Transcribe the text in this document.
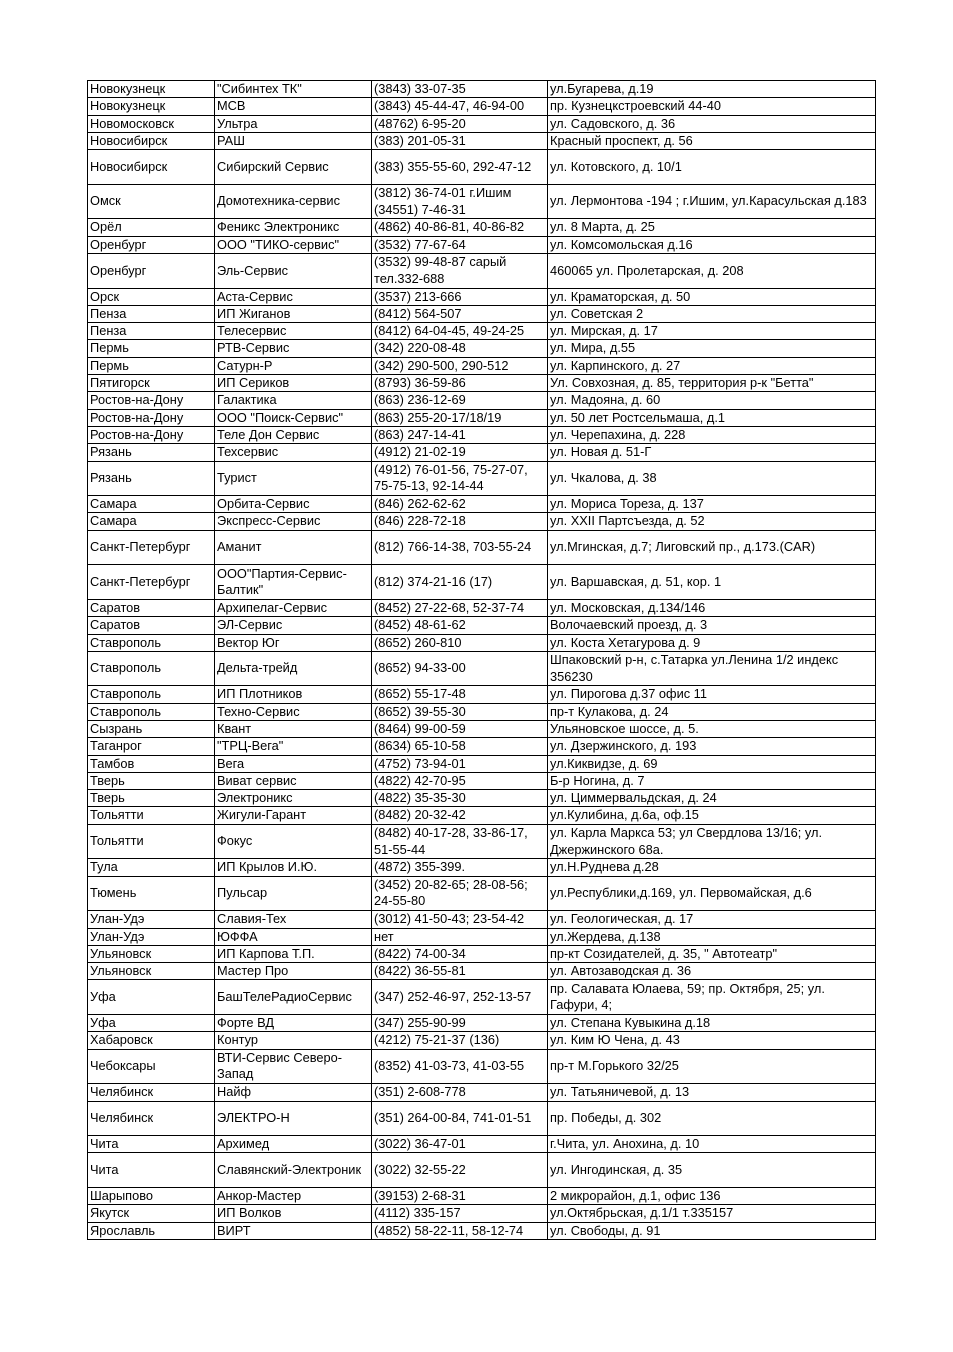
Новокузнецк	"Сибинтех ТК"	(3843) 33-07-35	ул.Бугарева, д.19
Новокузнецк	МСВ	(3843) 45-44-47, 46-94-00	пр. Кузнецкстроевский 44-40
Новомосковск	Ультра	(48762) 6-95-20	ул. Садовского, д. 36
Новосибирск	РАШ	(383) 201-05-31	Красный проспект, д. 56
Новосибирск	Сибирский Сервис	(383) 355-55-60, 292-47-12	ул. Котовского, д. 10/1
Омск	Домотехника-сервис	(3812) 36-74-01 г.Ишим (34551) 7-46-31	ул. Лермонтова -194 ; г.Ишим, ул.Карасульская д.183
Орёл	Феникс Электроникс	(4862) 40-86-81, 40-86-82	ул. 8 Марта, д. 25
Оренбург	ООО "ТИКО-сервис"	(3532) 77-67-64	ул. Комсомольская д.16
Оренбург	Эль-Сервис	(3532) 99-48-87 сарый тел.332-688	460065 ул. Пролетарская, д. 208
Орск	Аста-Сервис	(3537) 213-666	ул. Краматорская, д. 50
Пенза	ИП Жиганов	(8412) 564-507	ул. Советская 2
Пенза	Телесервис	(8412) 64-04-45, 49-24-25	ул. Мирская, д. 17
Пермь	РТВ-Сервис	(342) 220-08-48	ул. Мира, д.55
Пермь	Сатурн-Р	(342) 290-500, 290-512	ул. Карпинского, д. 27
Пятигорск	ИП Сериков	(8793) 36-59-86	Ул. Совхозная, д. 85, территория р-к "Бетта"
Ростов-на-Дону	Галактика	(863) 236-12-69	ул. Мадояна, д. 60
Ростов-на-Дону	ООО "Поиск-Сервис"	(863) 255-20-17/18/19	ул. 50 лет Ростсельмаша, д.1
Ростов-на-Дону	Теле Дон Сервис	(863) 247-14-41	ул. Черепахина, д. 228
Рязань	Техсервис	(4912) 21-02-19	ул. Новая д. 51-Г
Рязань	Турист	(4912) 76-01-56, 75-27-07, 75-75-13, 92-14-44	ул. Чкалова, д. 38
Самара	Орбита-Сервис	(846) 262-62-62	ул. Мориса Тореза, д. 137
Самара	Экспресс-Сервис	(846) 228-72-18	ул. XXII Партсъезда, д. 52
Санкт-Петербург	Аманит	(812) 766-14-38, 703-55-24	ул.Мгинская, д.7; Лиговский пр., д.173.(CAR)
Санкт-Петербург	ООО"Партия-Сервис-Балтик"	(812) 374-21-16 (17)	ул. Варшавская, д. 51, кор. 1
Саратов	Архипелаг-Сервис	(8452) 27-22-68, 52-37-74	ул. Московская, д.134/146
Саратов	ЭЛ-Сервис	(8452) 48-61-62	Волочаевский проезд, д. 3
Ставрополь	Вектор Юг	(8652) 260-810	ул. Коста Хетагурова д. 9
Ставрополь	Дельта-трейд	(8652) 94-33-00	Шпаковский р-н, с.Татарка ул.Ленина 1/2 индекс 356230
Ставрополь	ИП Плотников	(8652) 55-17-48	ул. Пирогова д.37 офис 11
Ставрополь	Техно-Сервис	(8652) 39-55-30	пр-т Кулакова, д. 24
Сызрань	Квант	(8464) 99-00-59	Ульяновское шоссе, д. 5.
Таганрог	"ТРЦ-Вега"	(8634) 65-10-58	ул. Дзержинского, д. 193
Тамбов	Вега	(4752) 73-94-01	ул.Киквидзе, д. 69
Тверь	Виват сервис	(4822) 42-70-95	Б-р Ногина, д. 7
Тверь	Электроникс	(4822) 35-35-30	ул. Циммервальдская, д. 24
Тольятти	Жигули-Гарант	(8482) 20-32-42	ул.Кулибина, д.6а, оф.15
Тольятти	Фокус	(8482) 40-17-28, 33-86-17, 51-55-44	ул. Карла Маркса 53; ул Свердлова 13/16; ул. Джержинского 68а.
Тула	ИП Крылов И.Ю.	(4872) 355-399.	ул.Н.Руднева д.28
Тюмень	Пульсар	(3452) 20-82-65; 28-08-56; 24-55-80	ул.Республики,д.169, ул. Первомайская, д.6
Улан-Удэ	Славия-Тех	(3012) 41-50-43; 23-54-42	ул. Геологическая, д. 17
Улан-Удэ	ЮФФА	нет	ул.Жердева, д.138
Ульяновск	ИП Карпова Т.П.	(8422) 74-00-34	пр-кт Созидателей, д. 35, " Автотеатр"
Ульяновск	Мастер Про	(8422) 36-55-81	ул. Автозаводская д. 36
Уфа	БашТелеРадиоСервис	(347) 252-46-97, 252-13-57	пр. Салавата Юлаева, 59; пр. Октября, 25; ул. Гафури, 4;
Уфа	Форте ВД	(347) 255-90-99	ул. Степана Кувыкина д.18
Хабаровск	Контур	(4212) 75-21-37 (136)	ул. Ким Ю Чена, д. 43
Чебоксары	ВТИ-Сервис Северо-Запад	(8352) 41-03-73, 41-03-55	пр-т М.Горького 32/25
Челябинск	Найф	(351) 2-608-778	ул. Татьяничевой, д. 13
Челябинск	ЭЛЕКТРО-Н	(351) 264-00-84, 741-01-51	пр. Победы, д. 302
Чита	Архимед	(3022) 36-47-01	г.Чита, ул. Анохина, д. 10
Чита	Славянский-Электроник	(3022) 32-55-22	ул. Ингодинская, д. 35
Шарыпово	Анкор-Мастер	(39153) 2-68-31	2 микрорайон, д.1, офис 136
Якутск	ИП Волков	(4112) 335-157	ул.Октябрьская, д.1/1 т.335157
Ярославль	ВИРТ	(4852) 58-22-11, 58-12-74	ул. Свободы, д. 91
